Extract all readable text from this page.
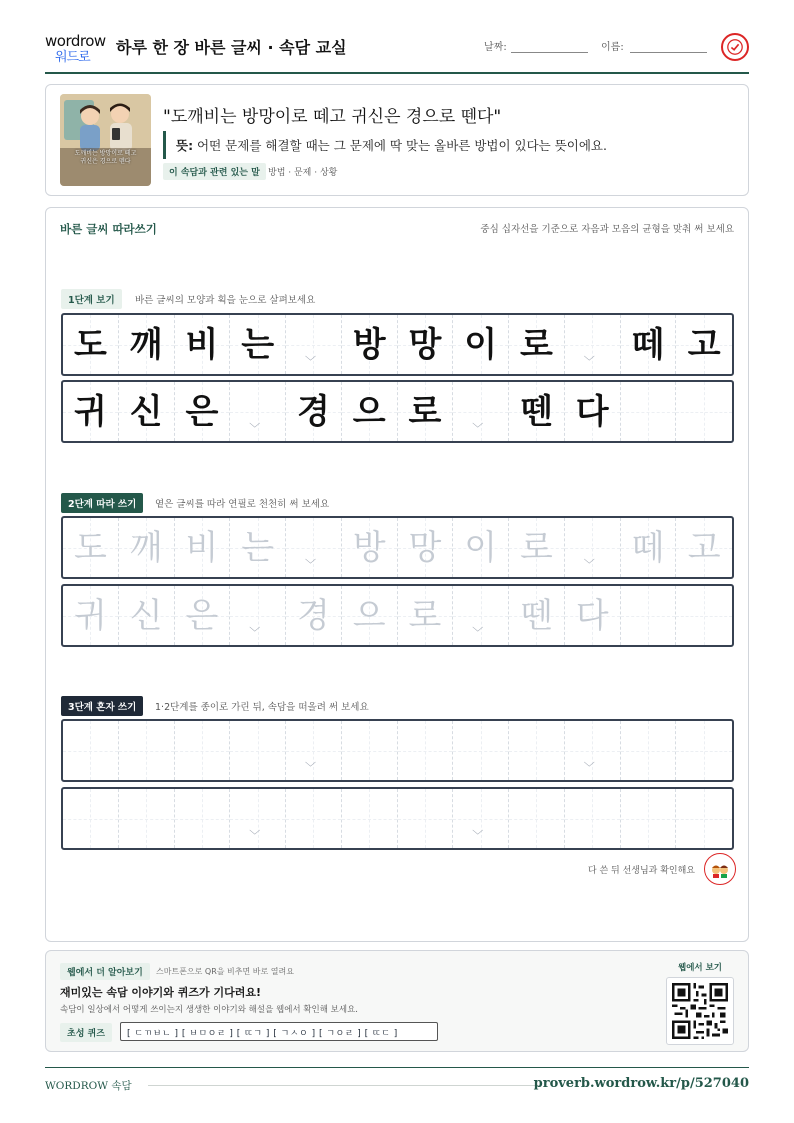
wordrow
워드로
하루 한 장 바른 글씨 · 속담 교실	날짜:	이름:
도깨비는 방망이로 떼고
귀신은 경으로 뗀다
"도깨비는 방망이로 떼고 귀신은 경으로 뗀다"
뜻: 어떤 문제를 해결할 때는 그 문제에 딱 맞는 올바른 방법이 있다는 뜻이에요.
이 속담과 관련 있는 말 방법 · 문제 · 상황
바른 글씨 따라쓰기	중심 십자선을 기준으로 자음과 모음의 균형을 맞춰 써 보세요
1단계 보기	바른 글씨의 모양과 획을 눈으로 살펴보세요
도 깨 비 는	﹀ 방 망 이 로	﹀ 떼 고
귀 신 은	﹀ 경 으 로	﹀ 뗀 다
2단계 따라 쓰기	옅은 글씨를 따라 연필로 천천히 써 보세요
도 깨 비 는	﹀ 방 망 이 로	﹀ 떼 고
귀 신 은	﹀ 경 으 로	﹀ 뗀 다
3단계 혼자 쓰기	1·2단계를 종이로 가린 뒤, 속담을 떠올려 써 보세요
﹀	﹀
﹀	﹀
다 쓴 뒤 선생님과 확인해요
웹에서 더 알아보기	스마트폰으로 QR을 비추면 바로 열려요
재미있는 속담 이야기와 퀴즈가 기다려요!
속담이 일상에서 어떻게 쓰이는지 생생한 이야기와 해설을 웹에서 확인해 보세요.
초성 퀴즈	[ ㄷㄲㅂㄴ ] [ ㅂㅁㅇㄹ ] [ ㄸㄱ ] [ ㄱㅅㅇ ] [ ㄱㅇㄹ ] [ ㄸㄷ ]
웹에서 보기
WORDROW 속담	proverb.wordrow.kr/p/527040
